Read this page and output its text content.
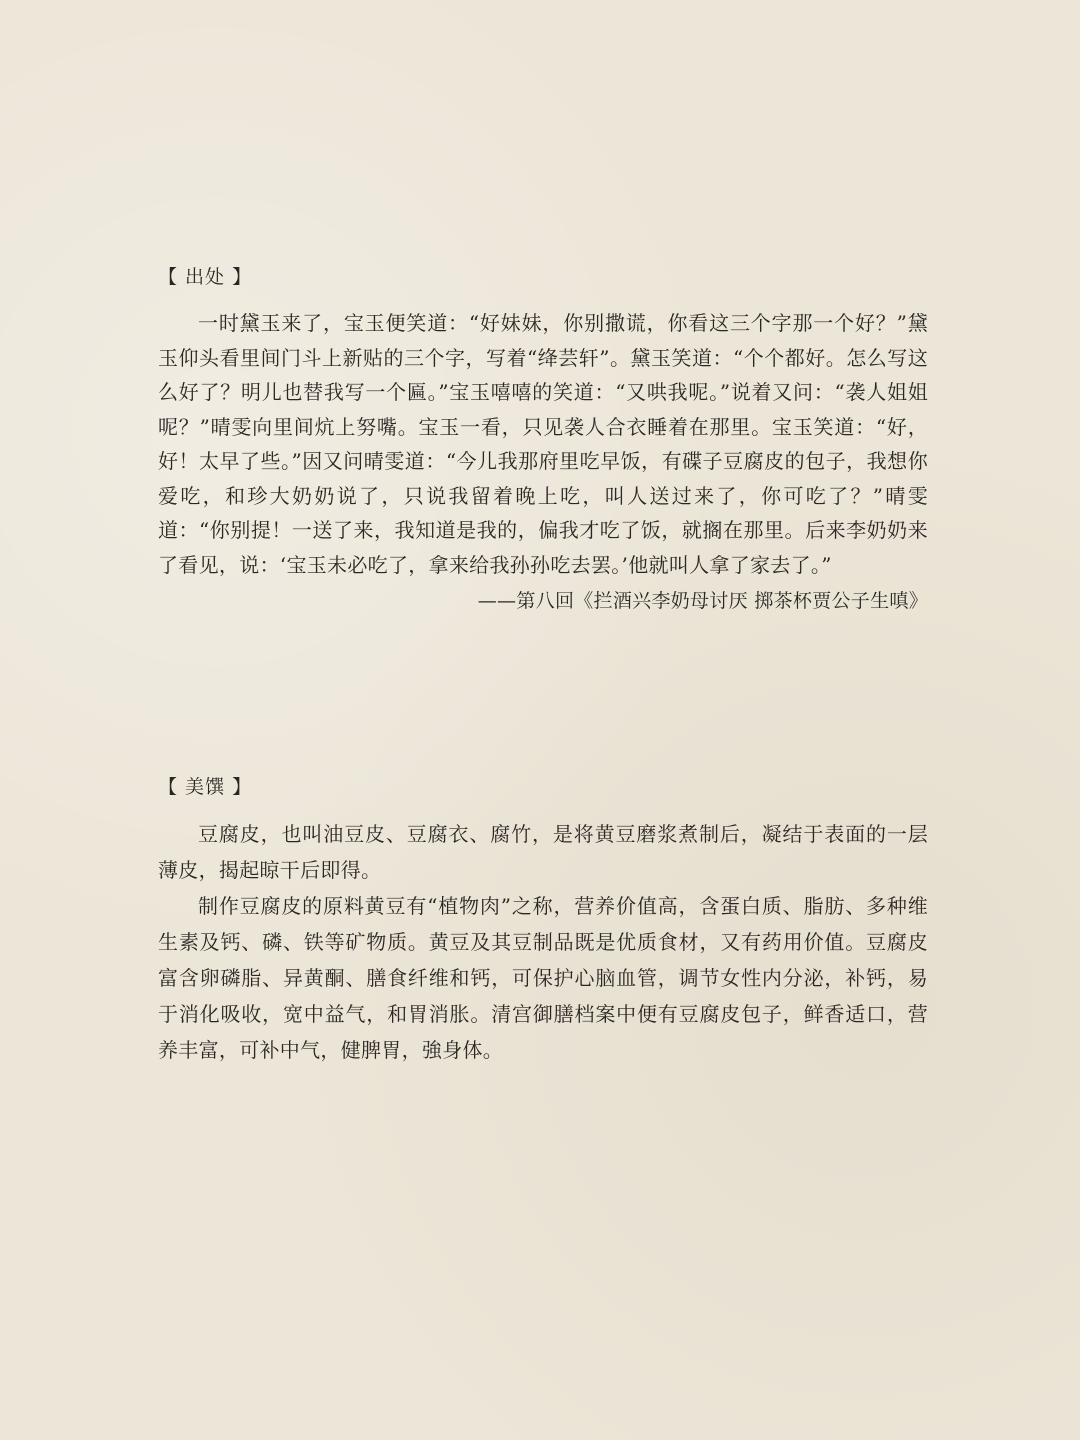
【 出处 】

一时黛玉来了，宝玉便笑道：“好妹妹，你别撒谎，你看这三个字那一个好？”黛玉仰头看里间门斗上新贴的三个字，写着“绛芸轩”。黛玉笑道：“个个都好。怎么写这么好了？明儿也替我写一个匾。”宝玉嘻嘻的笑道：“又哄我呢。”说着又问：“袭人姐姐呢？”晴雯向里间炕上努嘴。宝玉一看，只见袭人合衣睡着在那里。宝玉笑道：“好，好！太早了些。”因又问晴雯道：“今儿我那府里吃早饭，有碟子豆腐皮的包子，我想你爱吃，和珍大奶奶说了，只说我留着晚上吃，叫人送过来了，你可吃了？”晴雯道：“你别提！一送了来，我知道是我的，偏我才吃了饭，就搁在那里。后来李奶奶来了看见，说：‘宝玉未必吃了，拿来给我孙孙吃去罢。’他就叫人拿了家去了。”

——第八回《拦酒兴李奶母讨厌 掷茶杯贾公子生嗔》

【 美馔 】

豆腐皮，也叫油豆皮、豆腐衣、腐竹，是将黄豆磨浆煮制后，凝结于表面的一层薄皮，揭起晾干后即得。

制作豆腐皮的原料黄豆有“植物肉”之称，营养价值高，含蛋白质、脂肪、多种维生素及钙、磷、铁等矿物质。黄豆及其豆制品既是优质食材，又有药用价值。豆腐皮富含卵磷脂、异黄酮、膳食纤维和钙，可保护心脑血管，调节女性内分泌，补钙，易于消化吸收，宽中益气，和胃消胀。清宫御膳档案中便有豆腐皮包子，鲜香适口，营养丰富，可补中气，健脾胃，強身体。
